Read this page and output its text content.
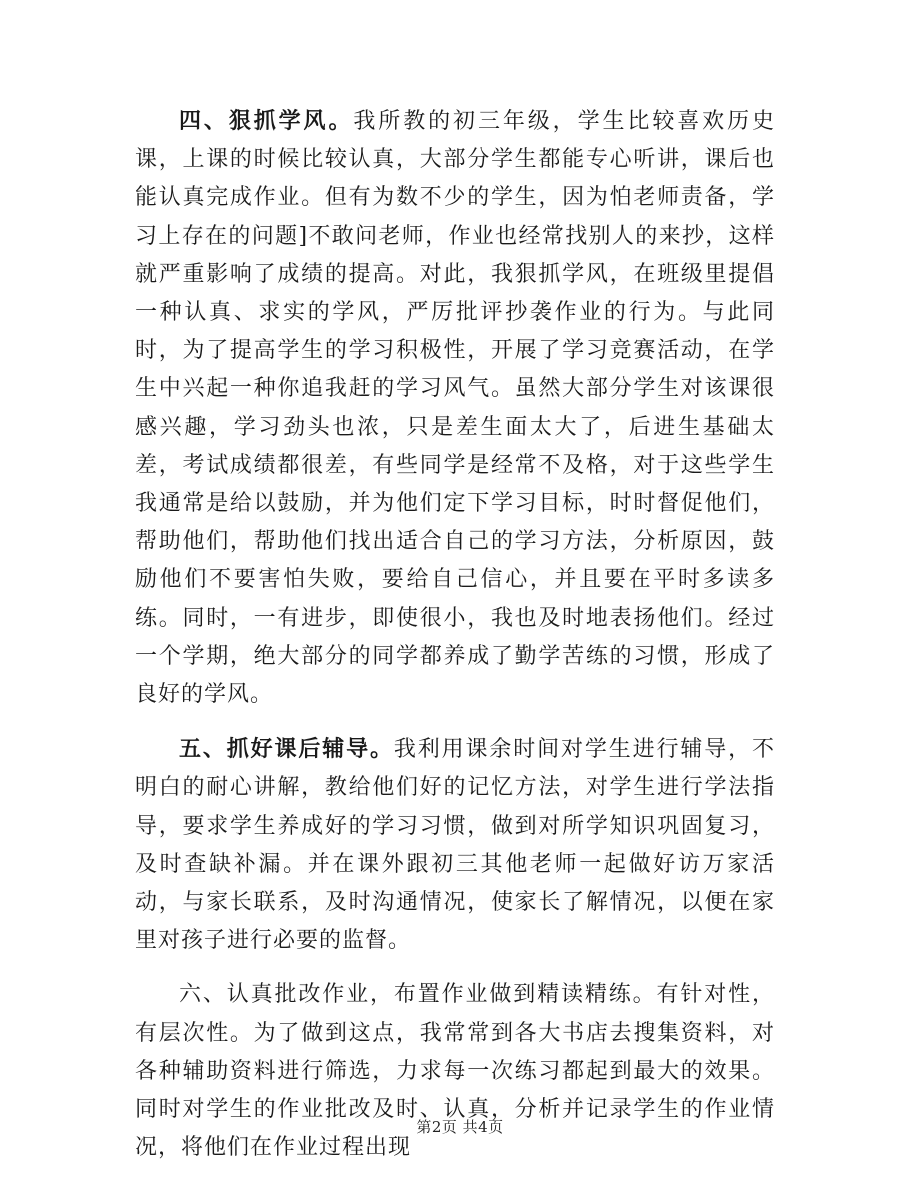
四、狠抓学风。我所教的初三年级，学生比较喜欢历史课，上课的时候比较认真，大部分学生都能专心听讲，课后也能认真完成作业。但有为数不少的学生，因为怕老师责备，学习上存在的问题]不敢问老师，作业也经常找别人的来抄，这样就严重影响了成绩的提高。对此，我狠抓学风，在班级里提倡一种认真、求实的学风，严厉批评抄袭作业的行为。与此同时，为了提高学生的学习积极性，开展了学习竞赛活动，在学生中兴起一种你追我赶的学习风气。虽然大部分学生对该课很感兴趣，学习劲头也浓，只是差生面太大了，后进生基础太差，考试成绩都很差，有些同学是经常不及格，对于这些学生我通常是给以鼓励，并为他们定下学习目标，时时督促他们，帮助他们，帮助他们找出适合自己的学习方法，分析原因，鼓励他们不要害怕失败，要给自己信心，并且要在平时多读多练。同时，一有进步，即使很小，我也及时地表扬他们。经过一个学期，绝大部分的同学都养成了勤学苦练的习惯，形成了良好的学风。

五、抓好课后辅导。我利用课余时间对学生进行辅导，不明白的耐心讲解，教给他们好的记忆方法，对学生进行学法指导，要求学生养成好的学习习惯，做到对所学知识巩固复习，及时查缺补漏。并在课外跟初三其他老师一起做好访万家活动，与家长联系，及时沟通情况，使家长了解情况，以便在家里对孩子进行必要的监督。

六、认真批改作业，布置作业做到精读精练。有针对性，有层次性。为了做到这点，我常常到各大书店去搜集资料，对各种辅助资料进行筛选，力求每一次练习都起到最大的效果。同时对学生的作业批改及时、认真，分析并记录学生的作业情况，将他们在作业过程出现

第2页 共4页
